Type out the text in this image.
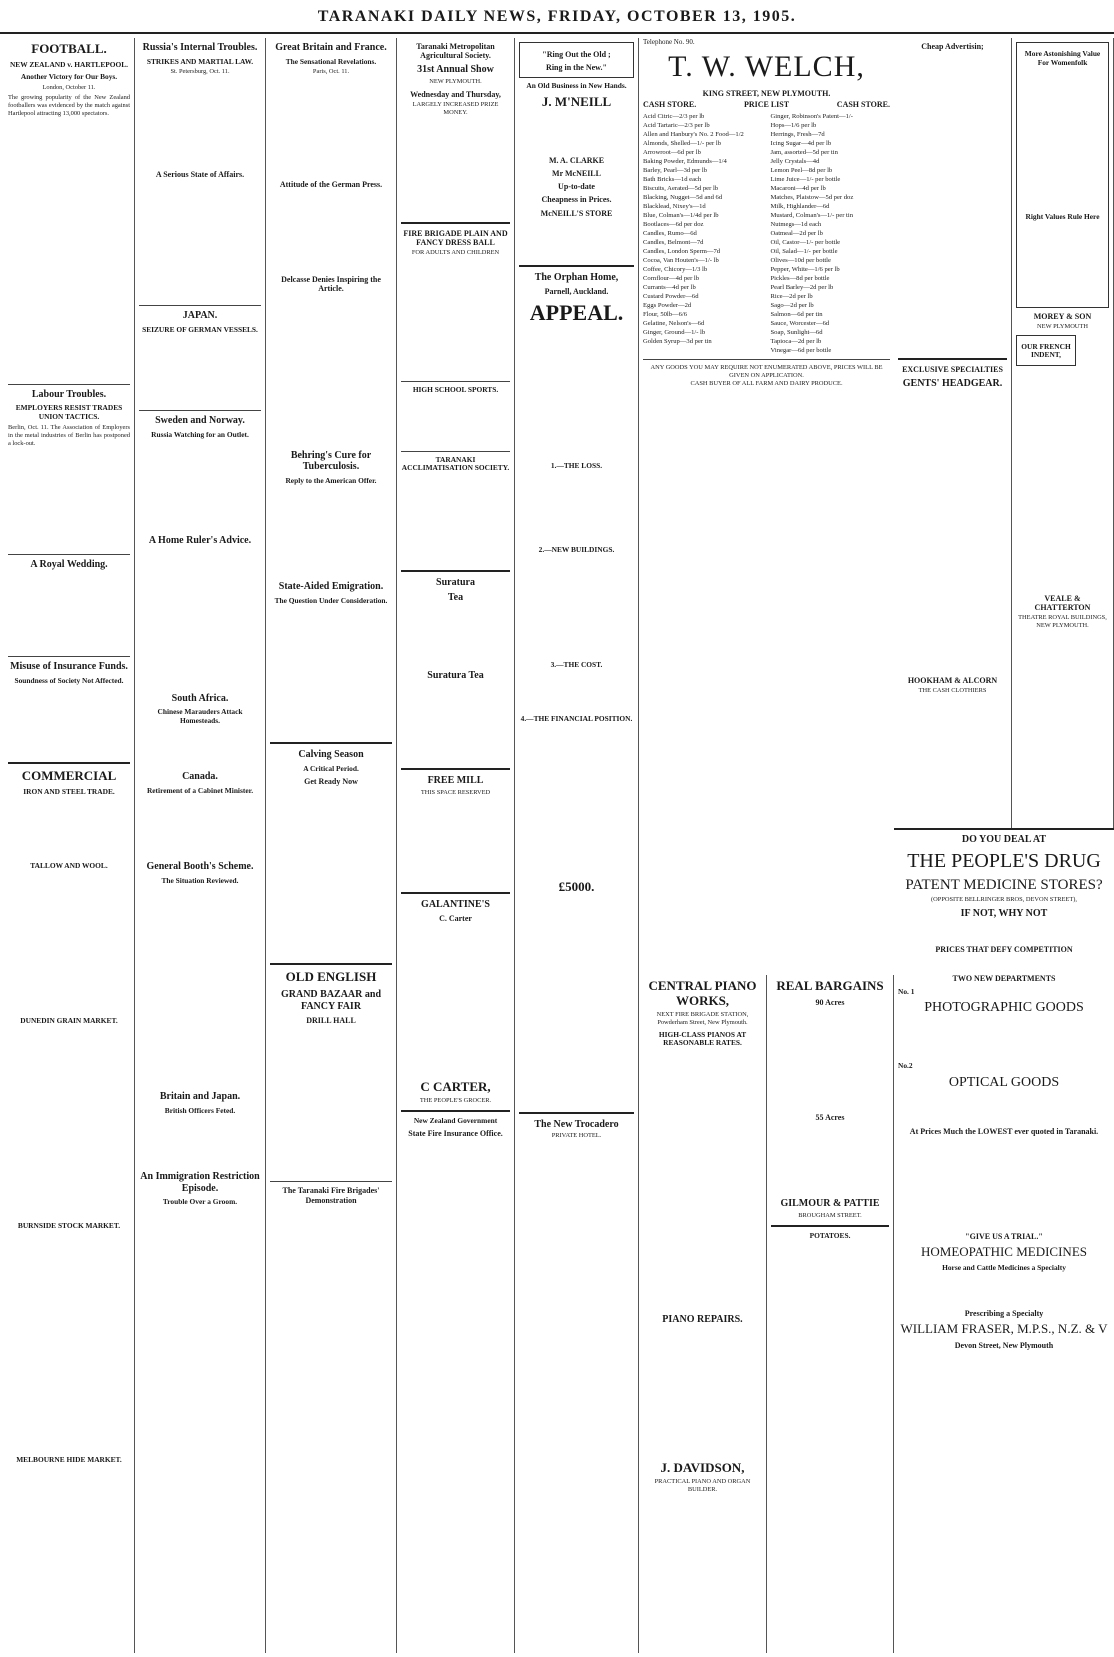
TARANAKI DAILY NEWS, FRIDAY, OCTOBER 13, 1905.
FOOTBALL.
NEW ZEALAND v. HARTLEPOOL.
Another Victory for Our Boys.
London, October 11.

The growing popularity of the New Zealand footballers was evidenced by the match against Hartlepool attracting 13,000 spectators.

Labour Troubles.
EMPLOYERS RESIST TRADES UNION TACTICS.

Berlin, Oct. 11. The Association of Employers in the metal industries of Berlin has postponed a lock-out.

A Royal Wedding.
Misuse of Insurance Funds.
Soundness of Society Not Affected.
COMMERCIAL
IRON AND STEEL TRADE.
TALLOW AND WOOL.
DUNEDIN GRAIN MARKET.
BURNSIDE STOCK MARKET.
MELBOURNE HIDE MARKET.
Russia's Internal Troubles.
STRIKES AND MARTIAL LAW.
St. Petersburg, Oct. 11.
A Serious State of Affairs.
JAPAN.
SEIZURE OF GERMAN VESSELS.
Sweden and Norway.
Russia Watching for an Outlet.
A Home Ruler's Advice.
South Africa.
Chinese Marauders Attack Homesteads.
Canada.
Retirement of a Cabinet Minister.
General Booth's Scheme.
The Situation Reviewed.
Britain and Japan.
British Officers Feted.
An Immigration Restriction Episode.
Trouble Over a Groom.
Great Britain and France.
The Sensational Revelations.
Paris, Oct. 11.
Attitude of the German Press.
Delcasse Denies Inspiring the Article.
Behring's Cure for Tuberculosis.
Reply to the American Offer.
State-Aided Emigration.
The Question Under Consideration.
Calving Season
A Critical Period.
Get Ready Now
OLD ENGLISH
GRAND BAZAAR and FANCY FAIR
DRILL HALL
The Taranaki Fire Brigades' Demonstration
Taranaki Metropolitan Agricultural Society.
31st Annual Show
NEW PLYMOUTH.
Wednesday and Thursday,
LARGELY INCREASED PRIZE MONEY.
FIRE BRIGADE PLAIN AND FANCY DRESS BALL
FOR ADULTS AND CHILDREN
HIGH SCHOOL SPORTS.
TARANAKI ACCLIMATISATION SOCIETY.
Suratura
Tea
Suratura Tea
FREE MILL
THIS SPACE RESERVED
GALANTINE'S
C. Carter
C CARTER,
THE PEOPLE'S GROCER.
New Zealand Government
State Fire Insurance Office.
"Ring Out the Old ;
Ring in the New."
An Old Business in New Hands.
J. M'NEILL
M. A. CLARKE
Mr McNEILL
Up-to-date
Cheapness in Prices.
McNEILL'S STORE
The Orphan Home,
Parnell, Auckland.
APPEAL.
1.—THE LOSS.
2.—NEW BUILDINGS.
3.—THE COST.
4.—THE FINANCIAL POSITION.
£5000.
The New Trocadero
PRIVATE HOTEL.
Telephone No. 90.
T. W. WELCH,
KING STREET, NEW PLYMOUTH.
CASH STORE.	PRICE LIST	CASH STORE.
Acid Citric—2/3 per lb
Acid Tartaric—2/3 per lb
Allen and Hanbury's No. 2 Food—1/2
Almonds, Shelled—1/- per lb
Arrowroot—6d per lb
Baking Powder, Edmunds—1/4
Barley, Pearl—3d per lb
Bath Bricks—1d each
Biscuits, Aerated—5d per lb
Blacking, Nugget—5d and 6d
Blacklead, Nixey's—1d
Blue, Colman's—1/4d per lb
Bootlaces—6d per doz
Candles, Rumo—6d
Candles, Belmont—7d
Candles, London Sperm—7d
Cocoa, Van Houten's—1/- lb
Coffee, Chicory—1/3 lb
Cornflour—4d per lb
Currants—4d per lb
Custard Powder—6d
Eggs Powder—2d
Flour, 50lb—6/6
Gelatine, Nelson's—6d
Ginger, Ground—1/- lb
Golden Syrup—3d per tin
Ginger, Robinson's Patent—1/-
Hops—1/6 per lb
Herrings, Fresh—7d
Icing Sugar—4d per lb
Jam, assorted—5d per tin
Jelly Crystals—4d
Lemon Peel—8d per lb
Lime Juice—1/- per bottle
Macaroni—4d per lb
Matches, Plaistow—5d per doz
Milk, Highlander—6d
Mustard, Colman's—1/- per tin
Nutmegs—1d each
Oatmeal—2d per lb
Oil, Castor—1/- per bottle
Oil, Salad—1/- per bottle
Olives—10d per bottle
Pepper, White—1/6 per lb
Pickles—8d per bottle
Pearl Barley—2d per lb
Rice—2d per lb
Sago—2d per lb
Salmon—6d per tin
Sauce, Worcester—6d
Soap, Sunlight—6d
Tapioca—2d per lb
Vinegar—6d per bottle
ANY GOODS YOU MAY REQUIRE NOT ENUMERATED ABOVE, PRICES WILL BE GIVEN ON APPLICATION.
CASH BUYER OF ALL FARM AND DAIRY PRODUCE.
CENTRAL PIANO WORKS,
NEXT FIRE BRIGADE STATION,
Powderham Street, New Plymouth.
HIGH-CLASS PIANOS AT REASONABLE RATES.
PIANO REPAIRS.
J. DAVIDSON,
PRACTICAL PIANO AND ORGAN BUILDER.
REAL BARGAINS
90 Acres
55 Acres
GILMOUR & PATTIE
BROUGHAM STREET.
POTATOES.
Cheap Advertisin;
EXCLUSIVE SPECIALTIES
GENTS' HEADGEAR.
HOOKHAM & ALCORN
THE CASH CLOTHIERS
More Astonishing Value For Womenfolk
Right Values Rule Here
MOREY & SON
NEW PLYMOUTH
OUR FRENCH INDENT,
VEALE & CHATTERTON
THEATRE ROYAL BUILDINGS, NEW PLYMOUTH.
DO YOU DEAL AT
THE PEOPLE'S DRUG
PATENT MEDICINE STORES?
(OPPOSITE BELLRINGER BROS, DEVON STREET),
IF NOT, WHY NOT
PRICES THAT DEFY COMPETITION
TWO NEW DEPARTMENTS
No. 1
PHOTOGRAPHIC GOODS
No.2
OPTICAL GOODS
At Prices Much the LOWEST ever quoted in Taranaki.
"GIVE US A TRIAL."
HOMEOPATHIC MEDICINES
Horse and Cattle Medicines a Specialty
Prescribing a Specialty
WILLIAM FRASER, M.P.S., N.Z. & V
Devon Street, New Plymouth
